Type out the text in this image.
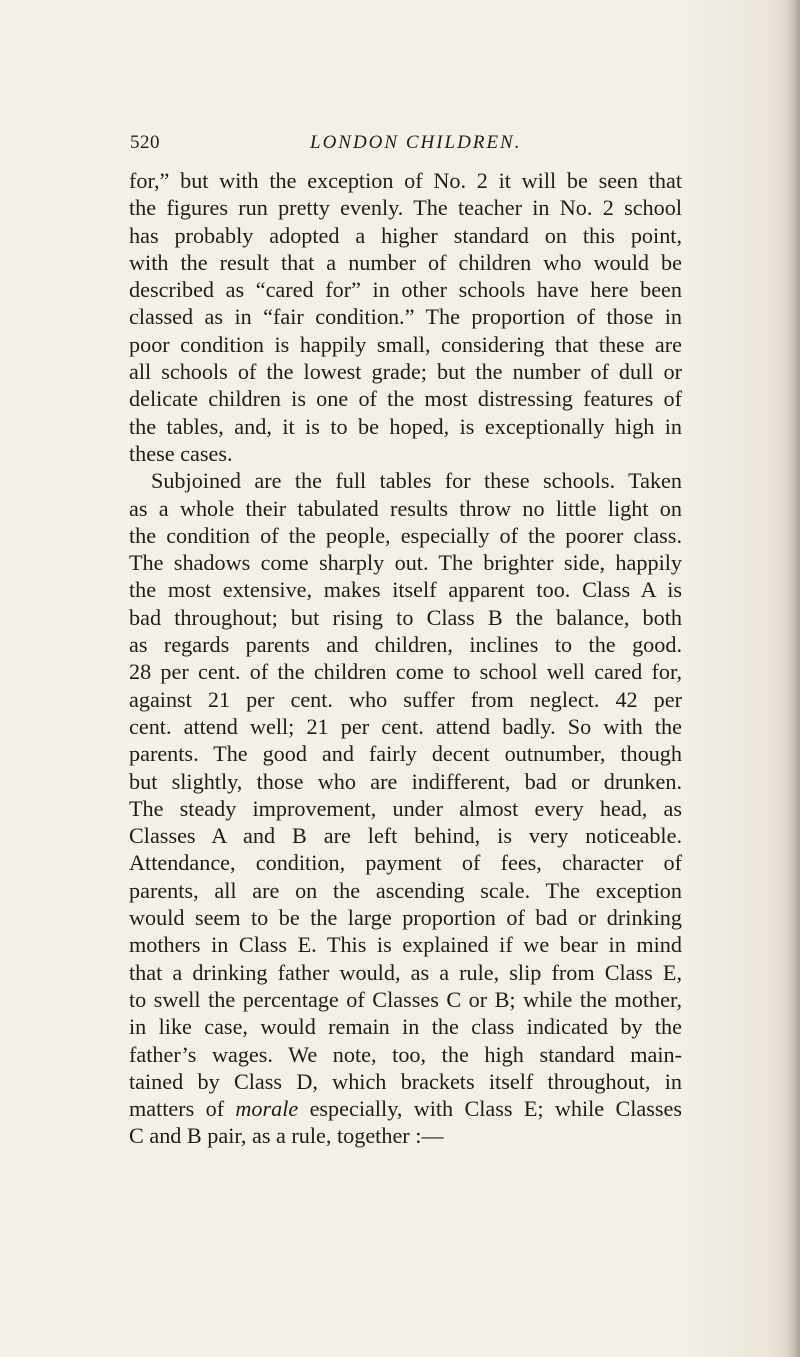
520	LONDON CHILDREN.
for,” but with the exception of No. 2 it will be seen that
the figures run pretty evenly. The teacher in No. 2 school
has probably adopted a higher standard on this point,
with the result that a number of children who would be
described as “cared for” in other schools have here been
classed as in “fair condition.” The proportion of those in
poor condition is happily small, considering that these are
all schools of the lowest grade; but the number of dull or
delicate children is one of the most distressing features of
the tables, and, it is to be hoped, is exceptionally high in
these cases.
Subjoined are the full tables for these schools. Taken
as a whole their tabulated results throw no little light on
the condition of the people, especially of the poorer class.
The shadows come sharply out. The brighter side, happily
the most extensive, makes itself apparent too. Class A is
bad throughout; but rising to Class B the balance, both
as regards parents and children, inclines to the good.
28 per cent. of the children come to school well cared for,
against 21 per cent. who suffer from neglect. 42 per
cent. attend well; 21 per cent. attend badly. So with the
parents. The good and fairly decent outnumber, though
but slightly, those who are indifferent, bad or drunken.
The steady improvement, under almost every head, as
Classes A and B are left behind, is very noticeable.
Attendance, condition, payment of fees, character of
parents, all are on the ascending scale. The exception
would seem to be the large proportion of bad or drinking
mothers in Class E. This is explained if we bear in mind
that a drinking father would, as a rule, slip from Class E,
to swell the percentage of Classes C or B; while the mother,
in like case, would remain in the class indicated by the
father’s wages. We note, too, the high standard main-
tained by Class D, which brackets itself throughout, in
matters of morale especially, with Class E; while Classes
C and B pair, as a rule, together :—
